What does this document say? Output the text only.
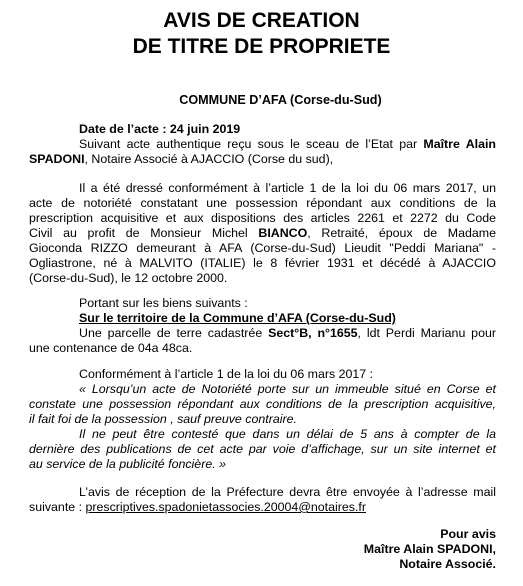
AVIS DE CREATION
DE TITRE DE PROPRIETE
COMMUNE D’AFA (Corse-du-Sud)
Date de l’acte : 24 juin 2019
Suivant acte authentique reçu sous le sceau de l’Etat par Maître Alain
SPADONI, Notaire Associé à AJACCIO (Corse du sud),
Il a été dressé conformément à l’article 1 de la loi du 06 mars 2017, un
acte de notoriété constatant une possession répondant aux conditions de la
prescription acquisitive et aux dispositions des articles 2261 et 2272 du Code
Civil au profit de Monsieur Michel BIANCO, Retraité, époux de Madame
Gioconda RIZZO demeurant à AFA (Corse-du-Sud) Lieudit "Peddi Mariana" -
Ogliastrone, né à MALVITO (ITALIE) le 8 février 1931 et décédé à AJACCIO
(Corse-du-Sud), le 12 octobre 2000.
Portant sur les biens suivants :
Sur le territoire de la Commune d’AFA (Corse-du-Sud)
Une parcelle de terre cadastrée Sect°B, n°1655, ldt Perdi Marianu pour
une contenance de 04a 48ca.
Conformément à l’article 1 de la loi du 06 mars 2017 :
« Lorsqu’un acte de Notoriété porte sur un immeuble situé en Corse et
constate une possession répondant aux conditions de la prescription acquisitive,
il fait foi de la possession , sauf preuve contraire.
Il ne peut être contesté que dans un délai de 5 ans à compter de la
dernière des publications de cet acte par voie d’affichage, sur un site internet et
au service de la publicité foncière. »
L’avis de réception de la Préfecture devra être envoyée à l’adresse mail
suivante : prescriptives.spadonietassocies.20004@notaires.fr
Pour avis
Maître Alain SPADONI,
Notaire Associé.
